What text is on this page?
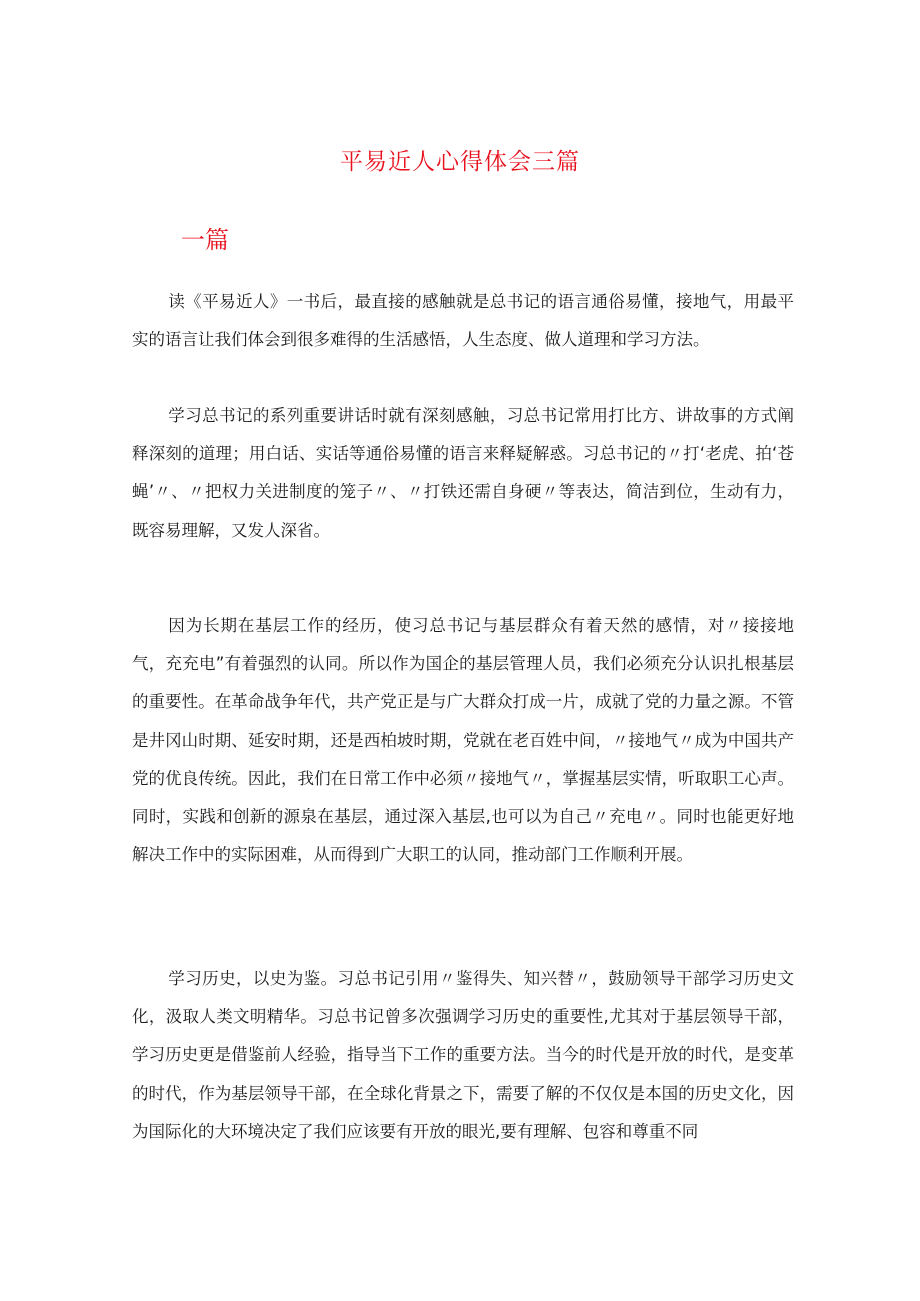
平易近人心得体会三篇
一篇

读《平易近人》一书后，最直接的感触就是总书记的语言通俗易懂，接地气，用最平实的语言让我们体会到很多难得的生活感悟，人生态度、做人道理和学习方法。

学习总书记的系列重要讲话时就有深刻感触，习总书记常用打比方、讲故事的方式阐释深刻的道理；用白话、实话等通俗易懂的语言来释疑解惑。习总书记的〃打‘老虎、拍‘苍蝇’〃、〃把权力关进制度的笼子〃、〃打铁还需自身硬〃等表达，简洁到位，生动有力，既容易理解，又发人深省。

因为长期在基层工作的经历，使习总书记与基层群众有着天然的感情，对〃接接地气，充充电”有着强烈的认同。所以作为国企的基层管理人员，我们必须充分认识扎根基层的重要性。在革命战争年代，共产党正是与广大群众打成一片，成就了党的力量之源。不管是井冈山时期、延安时期，还是西柏坡时期，党就在老百姓中间，〃接地气〃成为中国共产党的优良传统。因此，我们在日常工作中必须〃接地气〃，掌握基层实情，听取职工心声。同时，实践和创新的源泉在基层，通过深入基层,也可以为自己〃充电〃。同时也能更好地解决工作中的实际困难，从而得到广大职工的认同，推动部门工作顺利开展。

学习历史，以史为鉴。习总书记引用〃鉴得失、知兴替〃，鼓励领导干部学习历史文化，汲取人类文明精华。习总书记曾多次强调学习历史的重要性,尤其对于基层领导干部，学习历史更是借鉴前人经验，指导当下工作的重要方法。当今的时代是开放的时代，是变革的时代，作为基层领导干部，在全球化背景之下，需要了解的不仅仅是本国的历史文化，因为国际化的大环境决定了我们应该要有开放的眼光,要有理解、包容和尊重不同
